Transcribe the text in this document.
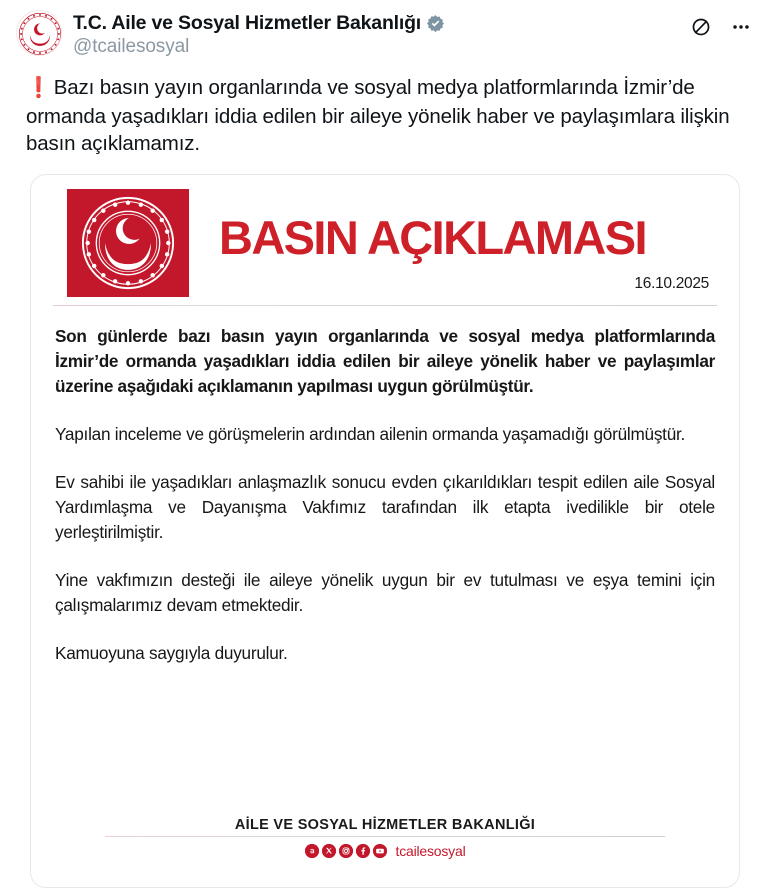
T.C. Aile ve Sosyal Hizmetler Bakanlığı
@tcailesosyal
❗ Bazı basın yayın organlarında ve sosyal medya platformlarında İzmir’de ormanda yaşadıkları iddia edilen bir aileye yönelik haber ve paylaşımlara ilişkin basın açıklamamız.
BASIN AÇIKLAMASI
16.10.2025

Son günlerde bazı basın yayın organlarında ve sosyal medya platformlarında İzmir’de ormanda yaşadıkları iddia edilen bir aileye yönelik haber ve paylaşımlar üzerine aşağıdaki açıklamanın yapılması uygun görülmüştür.

Yapılan inceleme ve görüşmelerin ardından ailenin ormanda yaşamadığı görülmüştür.

Ev sahibi ile yaşadıkları anlaşmazlık sonucu evden çıkarıldıkları tespit edilen aile Sosyal Yardımlaşma ve Dayanışma Vakfımız tarafından ilk etapta ivedilikle bir otele yerleştirilmiştir.

Yine vakfımızın desteği ile aileye yönelik uygun bir ev tutulması ve eşya temini için çalışmalarımız devam etmektedir.

Kamuoyuna saygıyla duyurulur.

AİLE VE SOSYAL HİZMETLER BAKANLIĞI
tcailesosyal
